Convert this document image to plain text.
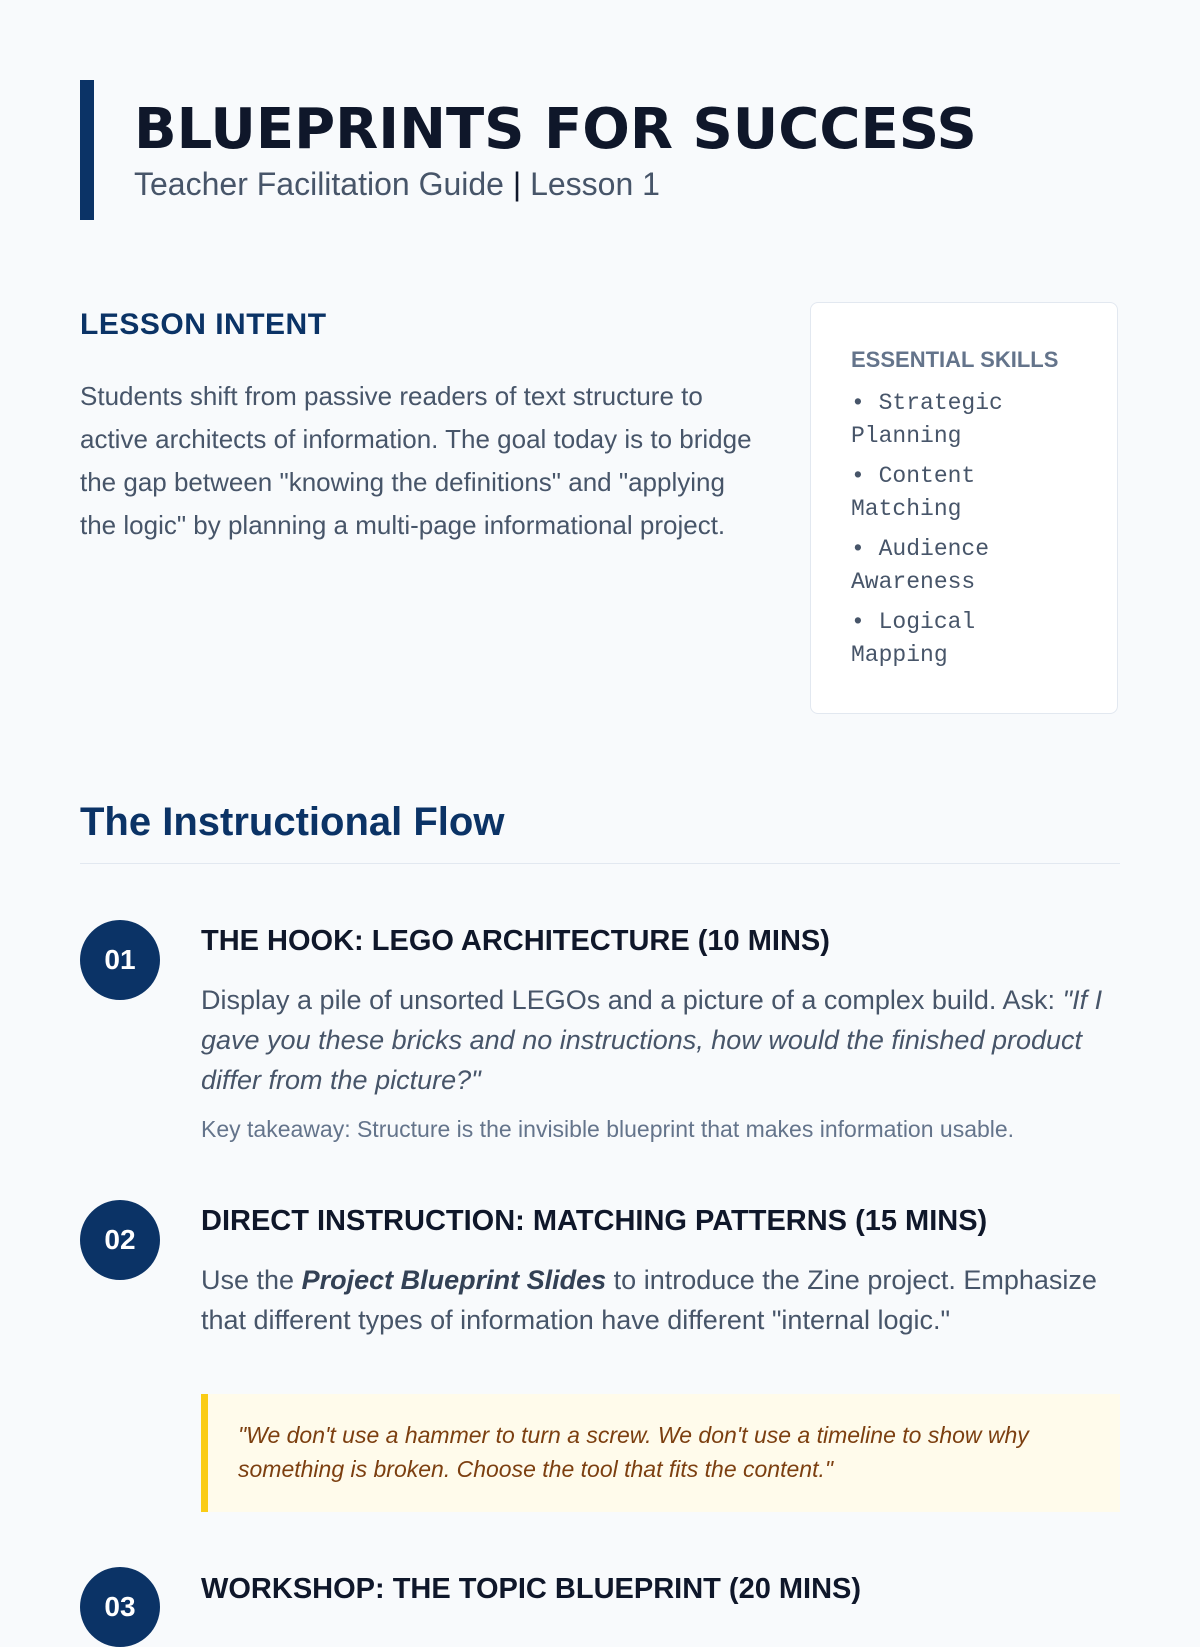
BLUEPRINTS FOR SUCCESS

Teacher Facilitation Guide | Lesson 1

LESSON INTENT

Students shift from passive readers of text structure to active architects of information. The goal today is to bridge the gap between "knowing the definitions" and "applying the logic" by planning a multi-page informational project.

ESSENTIAL SKILLS
• Strategic Planning
• Content Matching
• Audience Awareness
• Logical Mapping
The Instructional Flow
01
THE HOOK: LEGO ARCHITECTURE (10 MINS)

Display a pile of unsorted LEGOs and a picture of a complex build. Ask: "If I gave you these bricks and no instructions, how would the finished product differ from the picture?"

Key takeaway: Structure is the invisible blueprint that makes information usable.

02
DIRECT INSTRUCTION: MATCHING PATTERNS (15 MINS)

Use the Project Blueprint Slides to introduce the Zine project. Emphasize that different types of information have different "internal logic."

"We don't use a hammer to turn a screw. We don't use a timeline to show why something is broken. Choose the tool that fits the content."

03
WORKSHOP: THE TOPIC BLUEPRINT (20 MINS)
